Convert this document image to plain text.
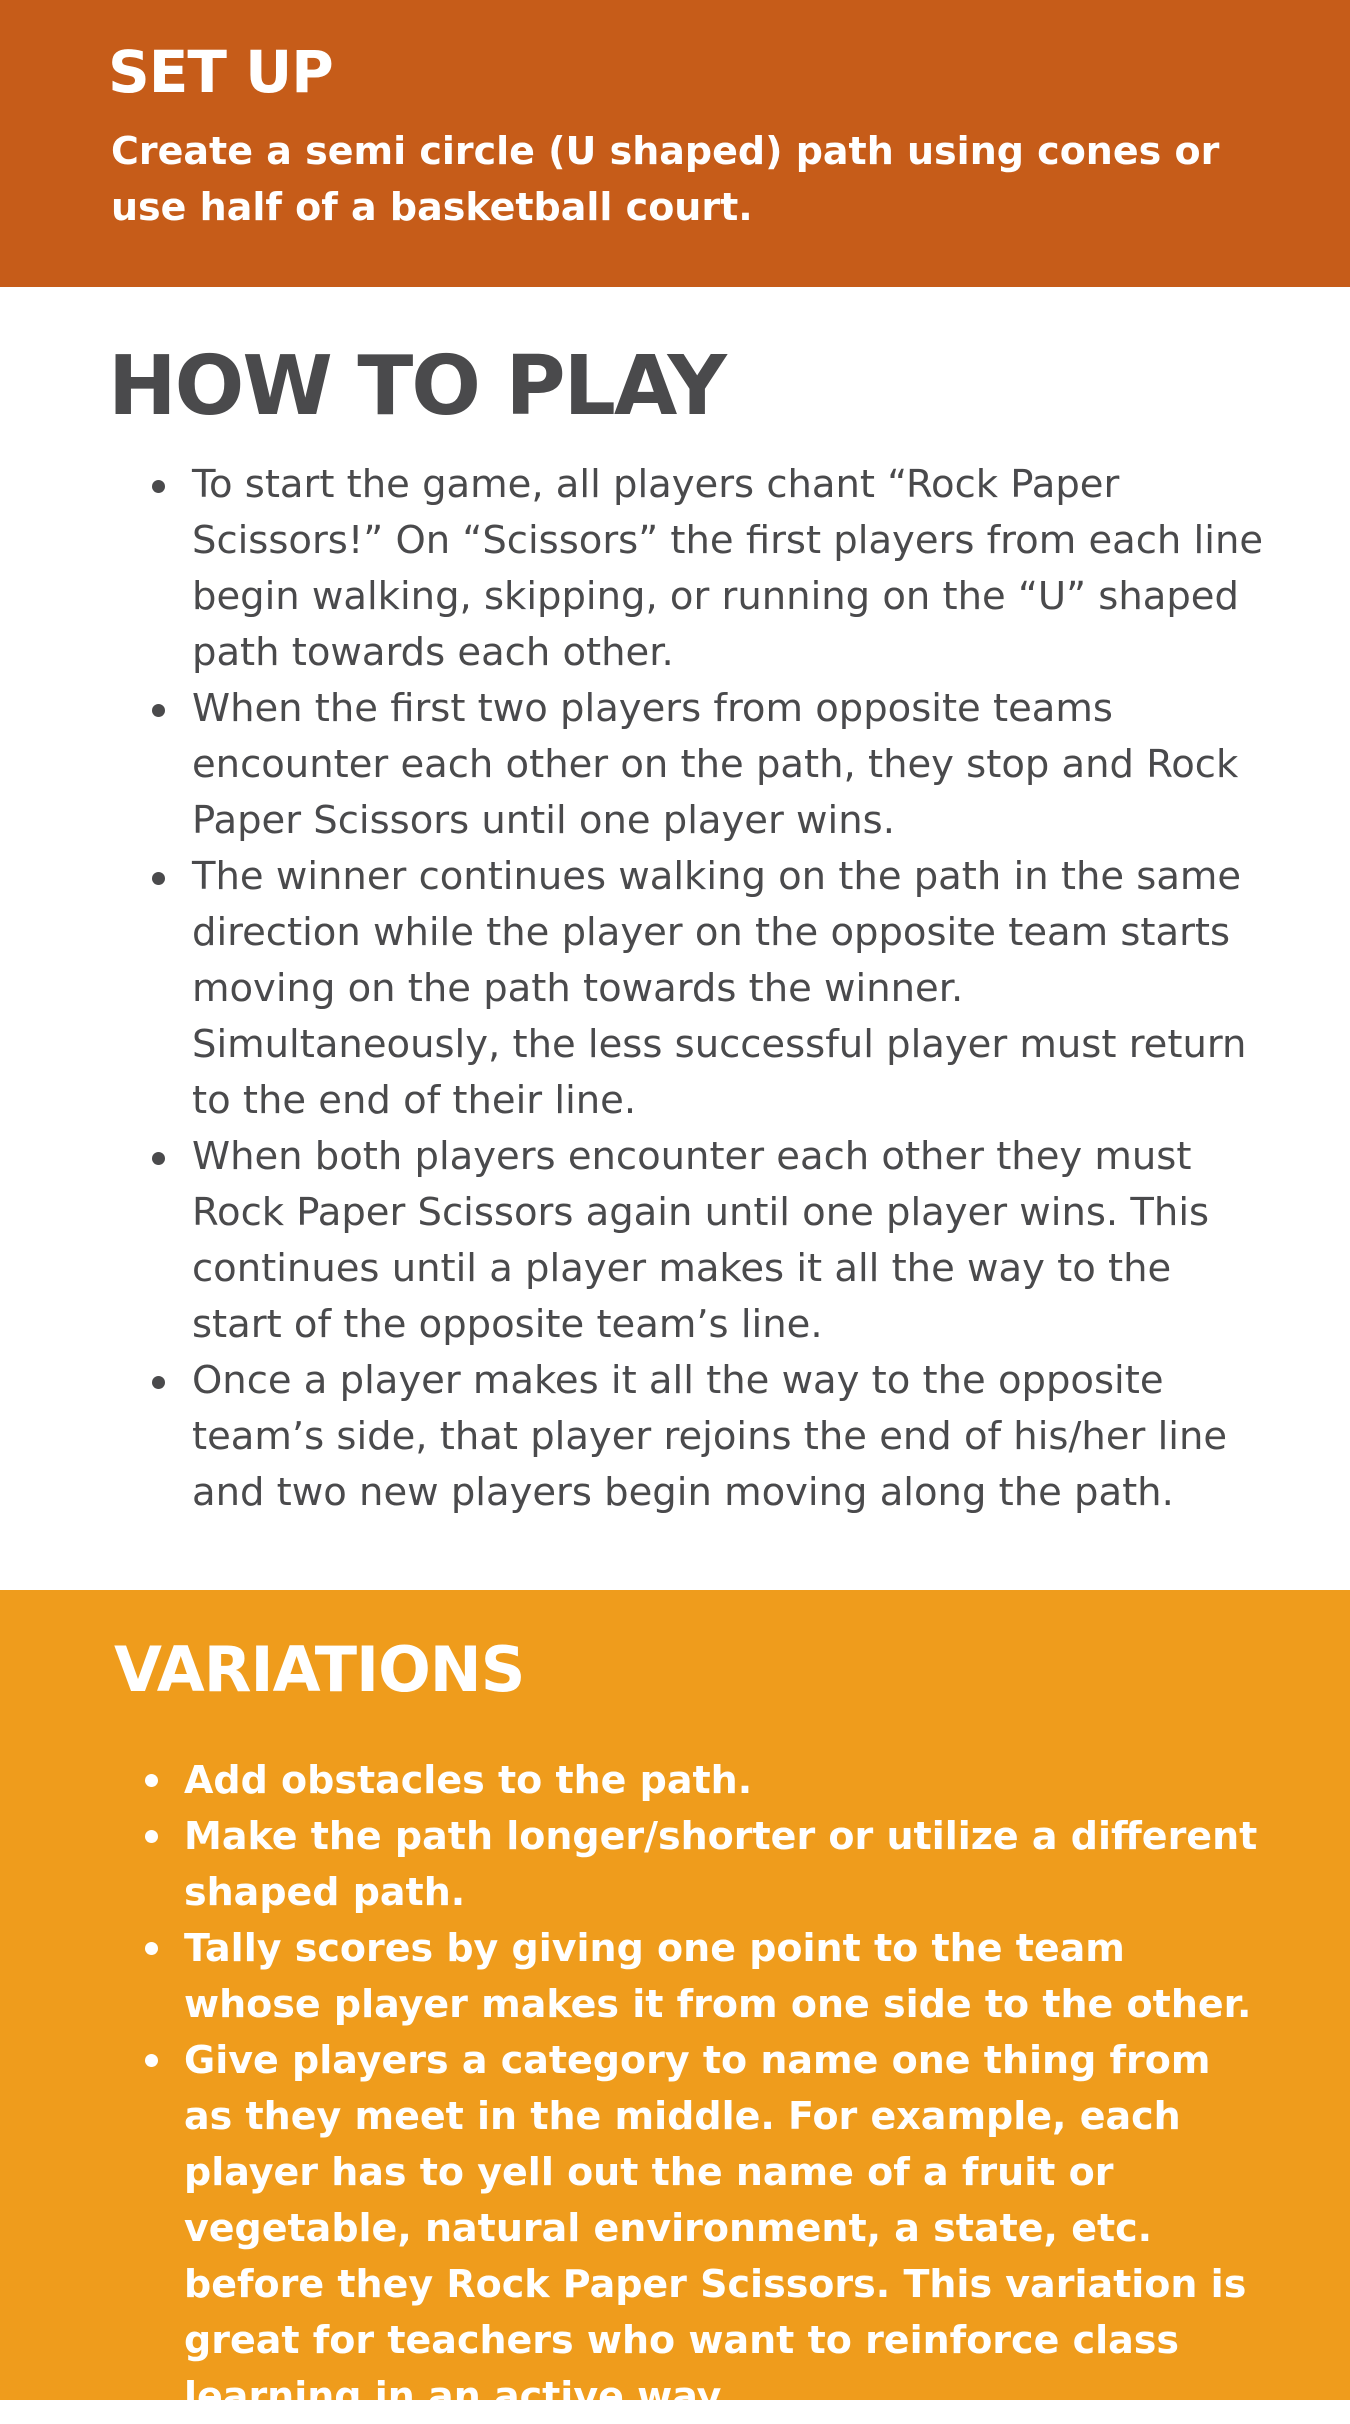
SET UP

Create a semi circle (U shaped) path using cones or use half of a basketball court.

HOW TO PLAY
To start the game, all players chant “Rock Paper Scissors!” On “Scissors” the first players from each line begin walking, skipping, or running on the “U” shaped path towards each other.
When the first two players from opposite teams encounter each other on the path, they stop and Rock Paper Scissors until one player wins.
The winner continues walking on the path in the same direction while the player on the opposite team starts moving on the path towards the winner. Simultaneously, the less successful player must return to the end of their line.
When both players encounter each other they must Rock Paper Scissors again until one player wins. This continues until a player makes it all the way to the start of the opposite team’s line.
Once a player makes it all the way to the opposite team’s side, that player rejoins the end of his/her line and two new players begin moving along the path.
VARIATIONS
Add obstacles to the path.
Make the path longer/shorter or utilize a different shaped path.
Tally scores by giving one point to the team whose player makes it from one side to the other.
Give players a category to name one thing from as they meet in the middle. For example, each player has to yell out the name of a fruit or vegetable, natural environment, a state, etc. before they Rock Paper Scissors. This variation is great for teachers who want to reinforce class learning in an active way.
